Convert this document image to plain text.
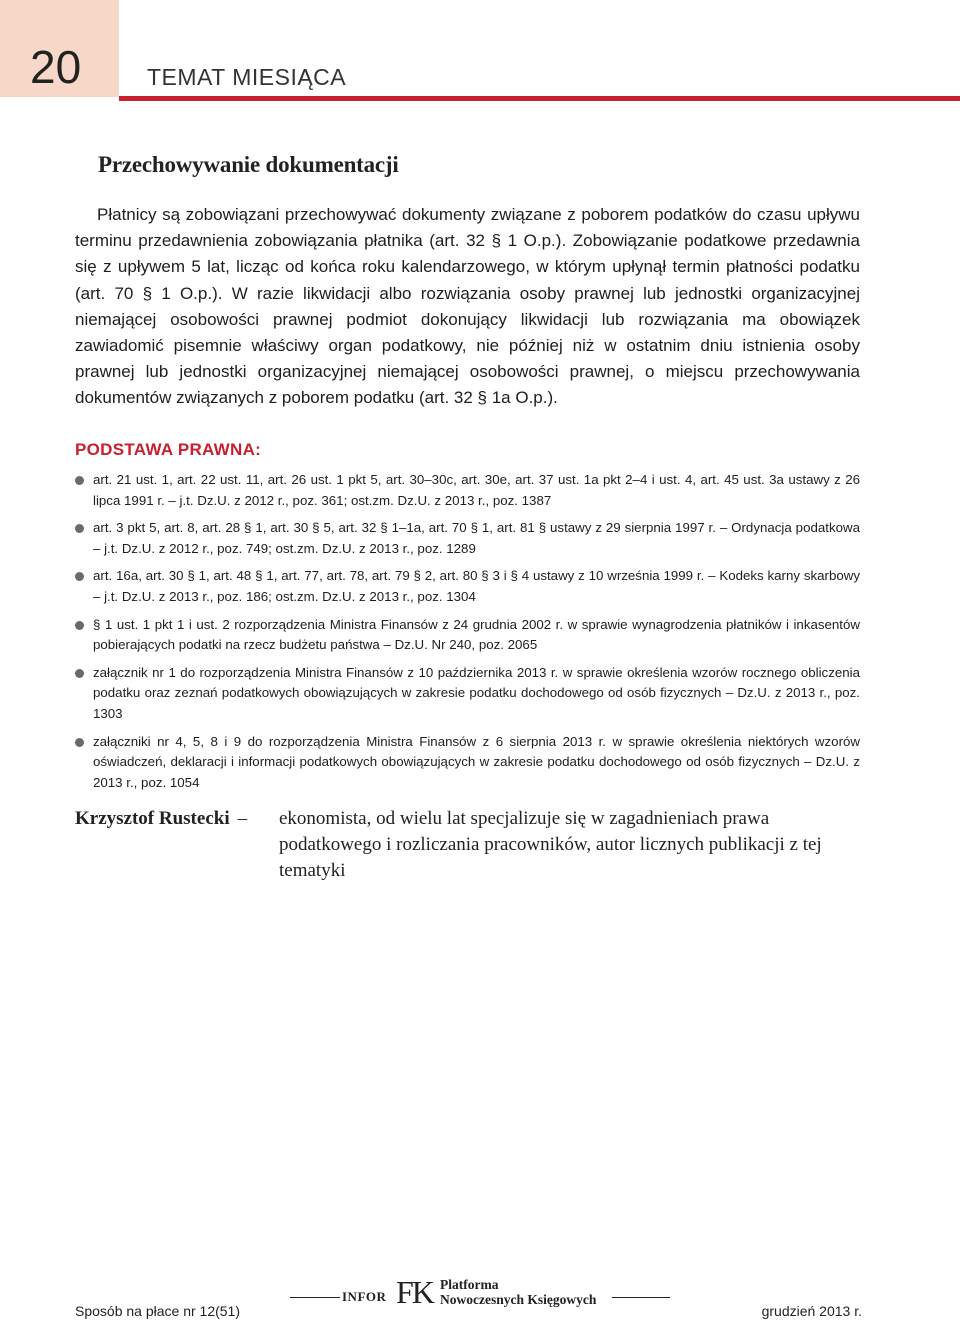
20	TEMAT MIESIĄCA
Przechowywanie dokumentacji

Płatnicy są zobowiązani przechowywać dokumenty związane z poborem podatków do czasu upływu terminu przedawnienia zobowiązania płatnika (art. 32 § 1 O.p.). Zobowiązanie podatkowe przedawnia się z upływem 5 lat, licząc od końca roku kalendarzowego, w którym upłynął termin płatności podatku (art. 70 § 1 O.p.). W razie likwidacji albo rozwiązania osoby prawnej lub jednostki organizacyjnej niemającej osobowości prawnej podmiot dokonujący likwidacji lub rozwiązania ma obowiązek zawiadomić pisemnie właściwy organ podatkowy, nie później niż w ostatnim dniu istnienia osoby prawnej lub jednostki organizacyjnej niemającej osobowości prawnej, o miejscu przechowywania dokumentów związanych z poborem podatku (art. 32 § 1a O.p.).

PODSTAWA PRAWNA:
art. 21 ust. 1, art. 22 ust. 11, art. 26 ust. 1 pkt 5, art. 30–30c, art. 30e, art. 37 ust. 1a pkt 2–4 i ust. 4, art. 45 ust. 3a ustawy z 26 lipca 1991 r. – j.t. Dz.U. z 2012 r., poz. 361; ost.zm. Dz.U. z 2013 r., poz. 1387
art. 3 pkt 5, art. 8, art. 28 § 1, art. 30 § 5, art. 32 § 1–1a, art. 70 § 1, art. 81 § ustawy z 29 sierpnia 1997 r. – Ordynacja podatkowa – j.t. Dz.U. z 2012 r., poz. 749; ost.zm. Dz.U. z 2013 r., poz. 1289
art. 16a, art. 30 § 1, art. 48 § 1, art. 77, art. 78, art. 79 § 2, art. 80 § 3 i § 4 ustawy z 10 września 1999 r. – Kodeks karny skarbowy – j.t. Dz.U. z 2013 r., poz. 186; ost.zm. Dz.U. z 2013 r., poz. 1304
§ 1 ust. 1 pkt 1 i ust. 2 rozporządzenia Ministra Finansów z 24 grudnia 2002 r. w sprawie wynagrodzenia płatników i inkasentów pobierających podatki na rzecz budżetu państwa – Dz.U. Nr 240, poz. 2065
załącznik nr 1 do rozporządzenia Ministra Finansów z 10 października 2013 r. w sprawie określenia wzorów rocznego obliczenia podatku oraz zeznań podatkowych obowiązujących w zakresie podatku dochodowego od osób fizycznych – Dz.U. z 2013 r., poz. 1303
załączniki nr 4, 5, 8 i 9 do rozporządzenia Ministra Finansów z 6 sierpnia 2013 r. w sprawie określenia niektórych wzorów oświadczeń, deklaracji i informacji podatkowych obowiązujących w zakresie podatku dochodowego od osób fizycznych – Dz.U. z 2013 r., poz. 1054
Krzysztof Rustecki – ekonomista, od wielu lat specjalizuje się w zagadnieniach prawa podatkowego i rozliczania pracowników, autor licznych publikacji z tej tematyki
INFOR FK Platforma
Nowoczesnych Księgowych
Sposób na płace nr 12(51)	grudzień 2013 r.
